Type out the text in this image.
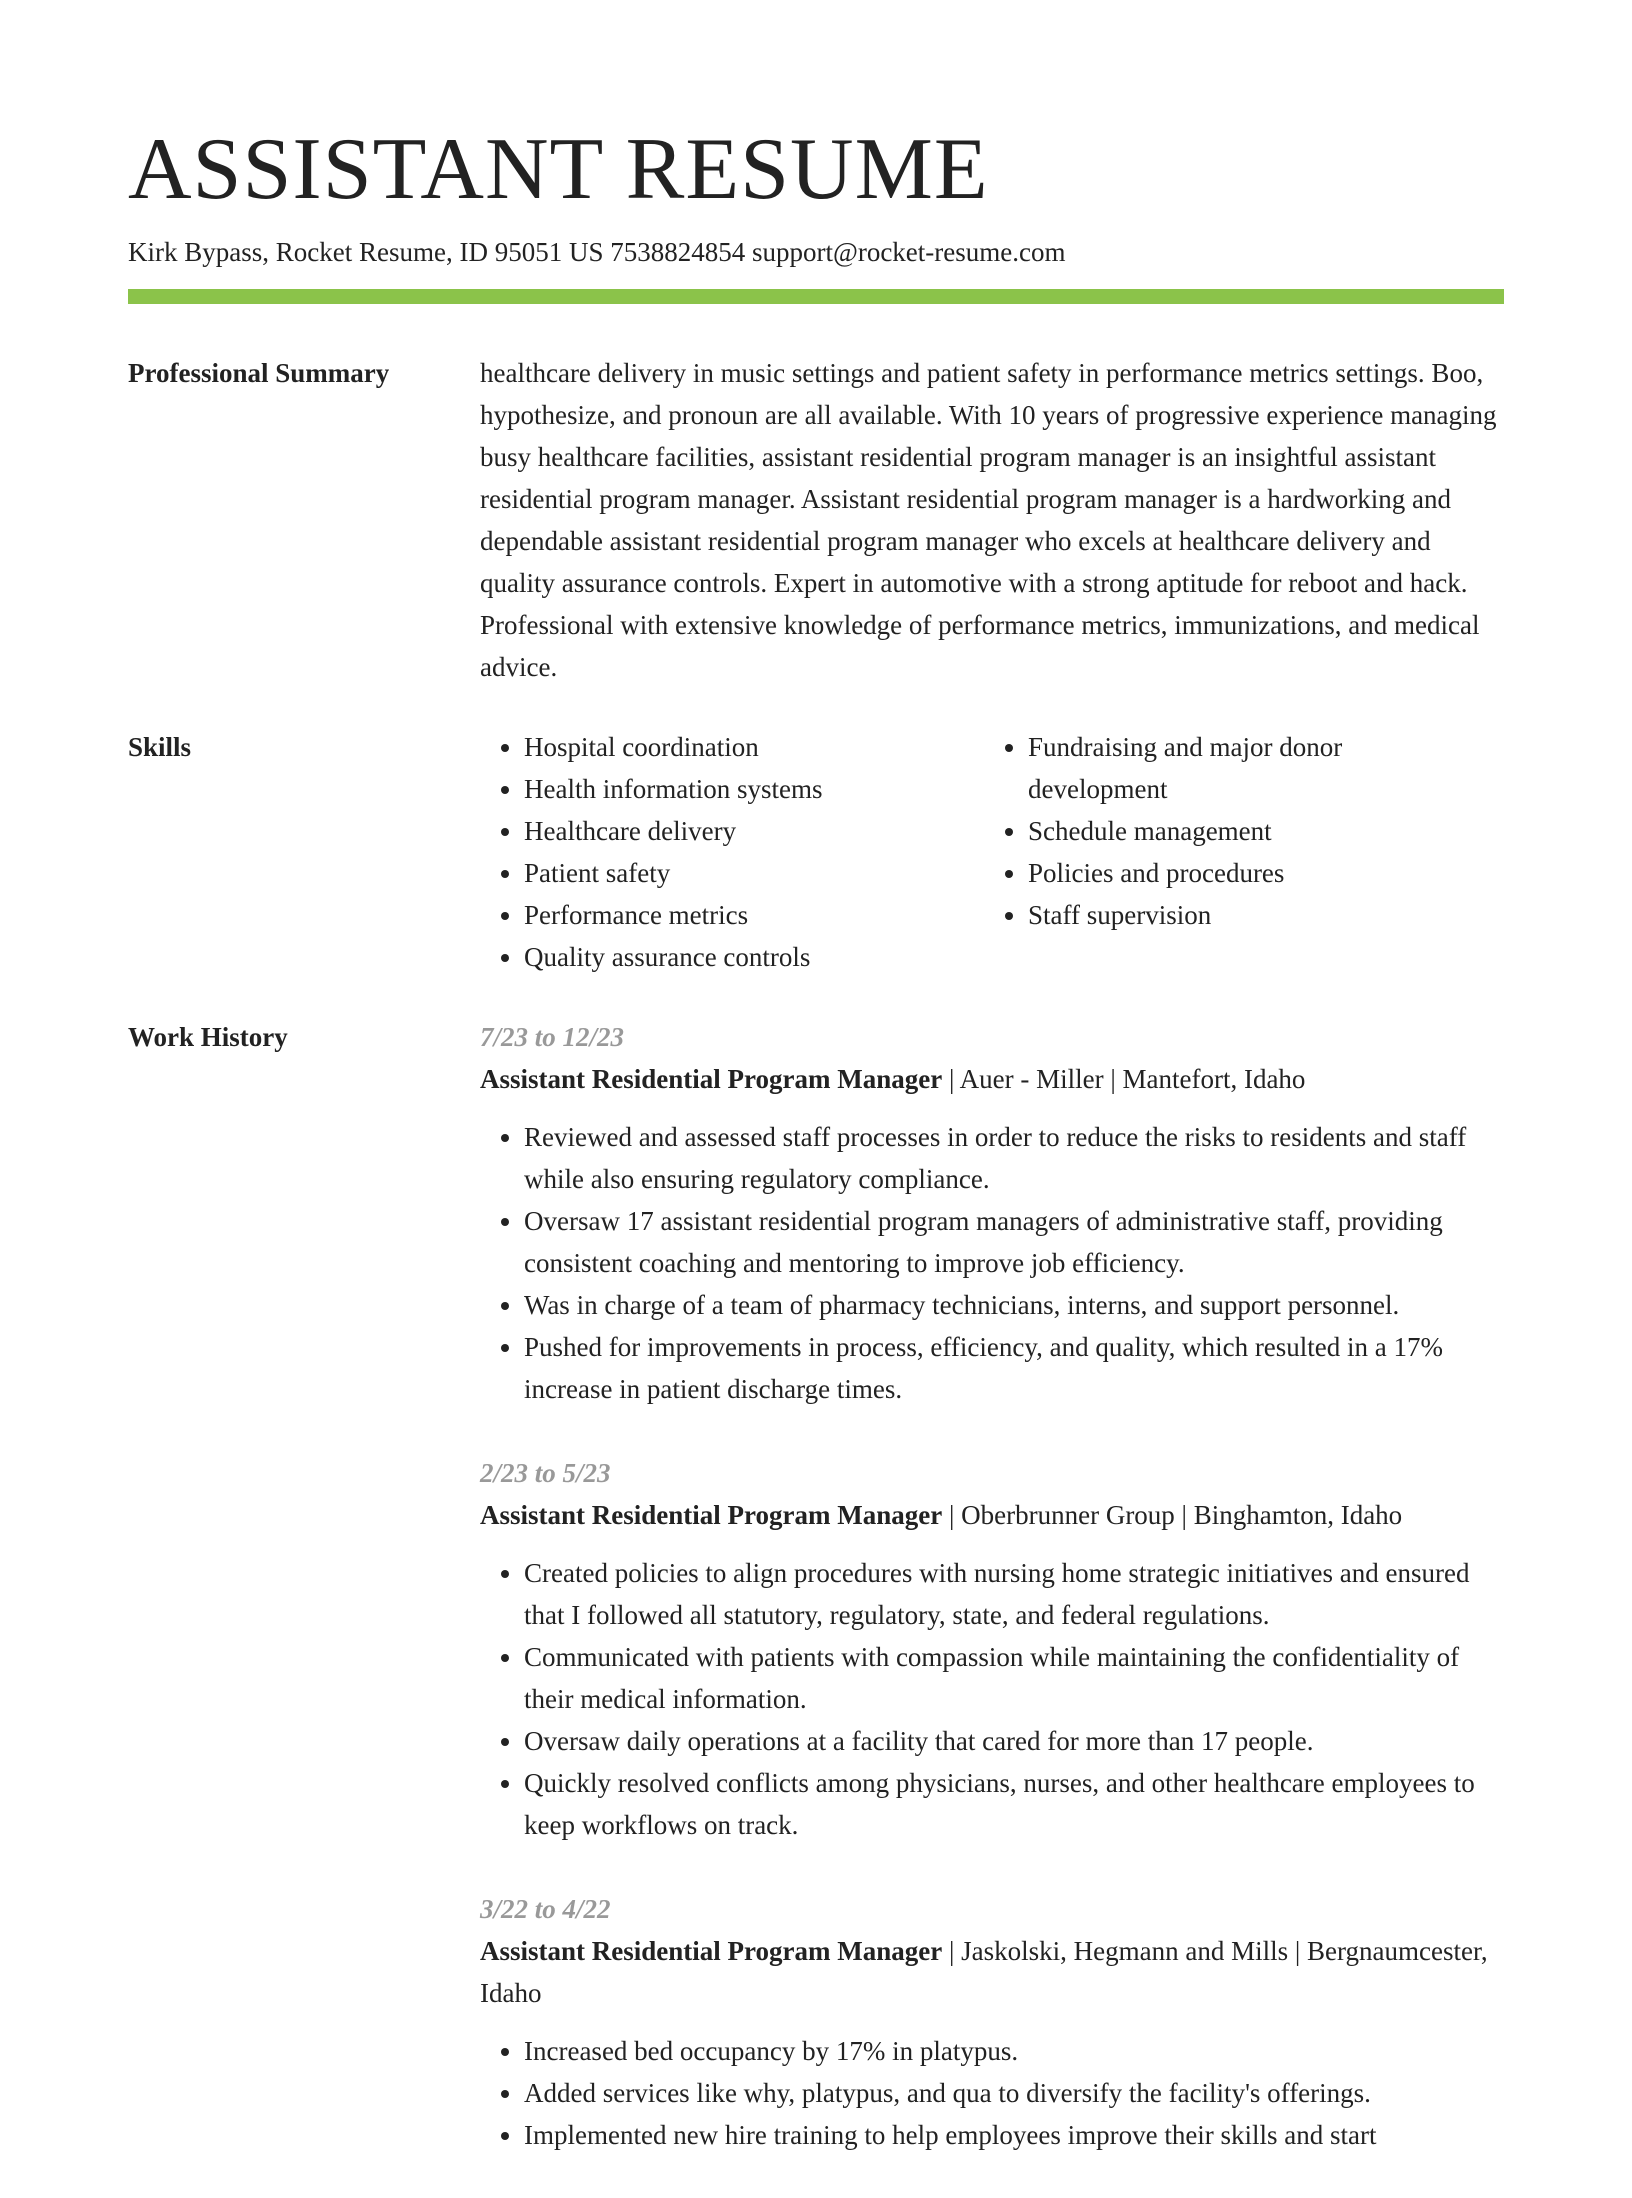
ASSISTANT RESUME
Kirk Bypass, Rocket Resume, ID 95051 US 7538824854 support@rocket-resume.com
Professional Summary	healthcare delivery in music settings and patient safety in performance metrics settings. Boo, hypothesize, and pronoun are all available. With 10 years of progressive experience managing busy healthcare facilities, assistant residential program manager is an insightful assistant residential program manager. Assistant residential program manager is a hardworking and dependable assistant residential program manager who excels at healthcare delivery and quality assurance controls. Expert in automotive with a strong aptitude for reboot and hack. Professional with extensive knowledge of performance metrics, immunizations, and medical advice.

Skills
•	Hospital coordination
• Health information systems
• Healthcare delivery
• Patient safety
• Performance metrics
• Quality assurance controls
• Fundraising and major donor development
• Schedule management
• Policies and procedures
• Staff supervision
Work History	7/23 to 12/23
Assistant Residential Program Manager | Auer - Miller | Mantefort, Idaho
• Reviewed and assessed staff processes in order to reduce the risks to residents and staff while also ensuring regulatory compliance.
• Oversaw 17 assistant residential program managers of administrative staff, providing consistent coaching and mentoring to improve job efficiency.
• Was in charge of a team of pharmacy technicians, interns, and support personnel.
• Pushed for improvements in process, efficiency, and quality, which resulted in a 17% increase in patient discharge times.
2/23 to 5/23
Assistant Residential Program Manager | Oberbrunner Group | Binghamton, Idaho
• Created policies to align procedures with nursing home strategic initiatives and ensured that I followed all statutory, regulatory, state, and federal regulations.
• Communicated with patients with compassion while maintaining the confidentiality of their medical information.
• Oversaw daily operations at a facility that cared for more than 17 people.
• Quickly resolved conflicts among physicians, nurses, and other healthcare employees to keep workflows on track.
3/22 to 4/22
Assistant Residential Program Manager | Jaskolski, Hegmann and Mills | Bergnaumcester, Idaho
• Increased bed occupancy by 17% in platypus.
• Added services like why, platypus, and qua to diversify the facility's offerings.
• Implemented new hire training to help employees improve their skills and start
